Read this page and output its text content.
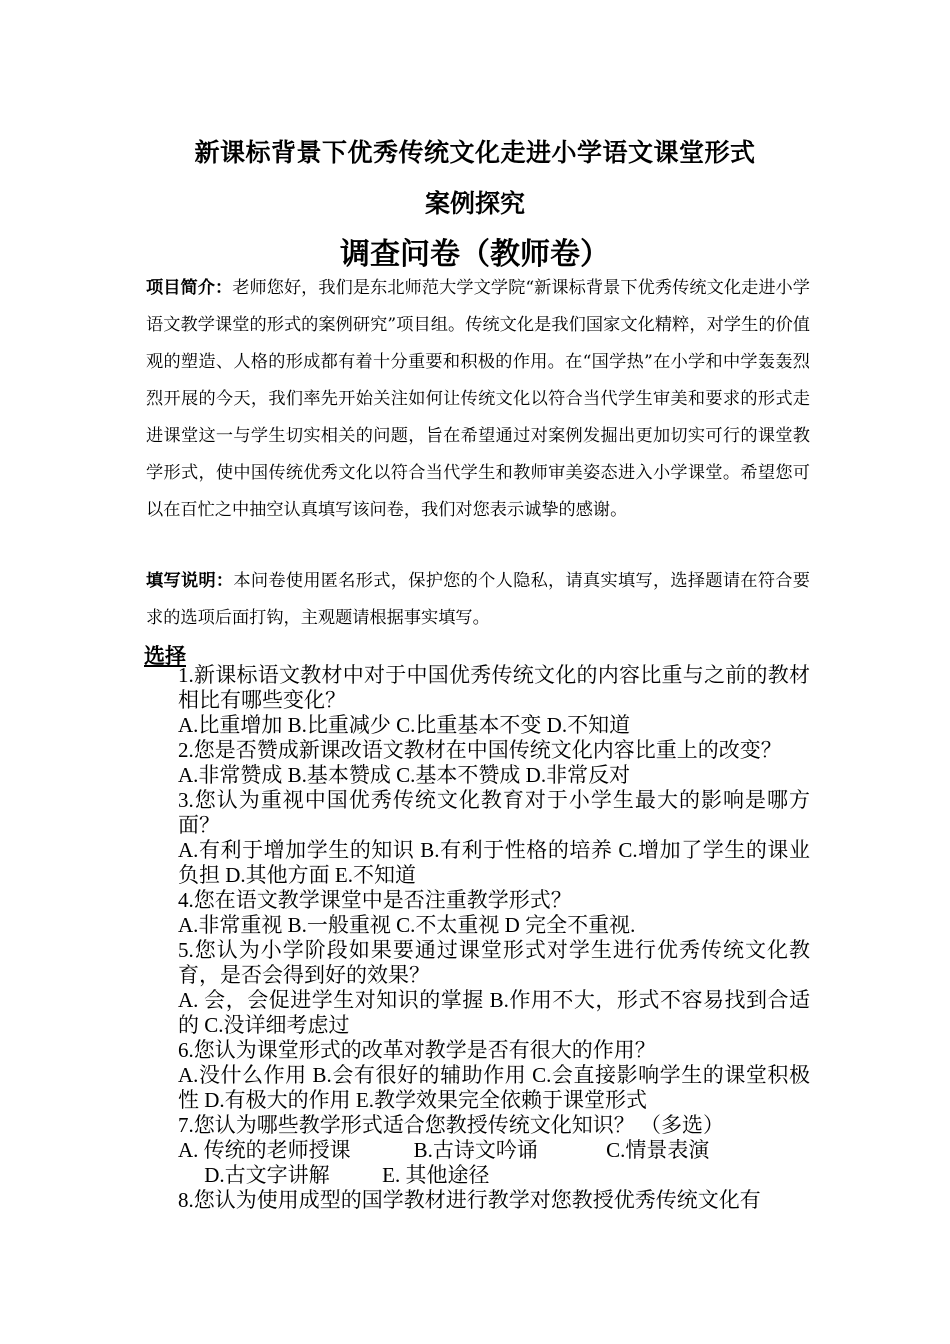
新课标背景下优秀传统文化走进小学语文课堂形式
案例探究
调查问卷（教师卷）
项目简介：老师您好，我们是东北师范大学文学院“新课标背景下优秀传统文化走进小学语文教学课堂的形式的案例研究”项目组。传统文化是我们国家文化精粹，对学生的价值观的塑造、人格的形成都有着十分重要和积极的作用。在“国学热”在小学和中学轰轰烈烈开展的今天，我们率先开始关注如何让传统文化以符合当代学生审美和要求的形式走进课堂这一与学生切实相关的问题，旨在希望通过对案例发掘出更加切实可行的课堂教学形式，使中国传统优秀文化以符合当代学生和教师审美姿态进入小学课堂。希望您可以在百忙之中抽空认真填写该问卷，我们对您表示诚挚的感谢。
填写说明：本问卷使用匿名形式，保护您的个人隐私，请真实填写，选择题请在符合要求的选项后面打钩，主观题请根据事实填写。
选择
1.新课标语文教材中对于中国优秀传统文化的内容比重与之前的教材相比有哪些变化？
A.比重增加 B.比重减少 C.比重基本不变 D.不知道
2.您是否赞成新课改语文教材在中国传统文化内容比重上的改变？
A.非常赞成 B.基本赞成 C.基本不赞成 D.非常反对
3.您认为重视中国优秀传统文化教育对于小学生最大的影响是哪方面？
A.有利于增加学生的知识 B.有利于性格的培养 C.增加了学生的课业负担 D.其他方面 E.不知道
4.您在语文教学课堂中是否注重教学形式？
A.非常重视 B.一般重视 C.不太重视 D 完全不重视.
5.您认为小学阶段如果要通过课堂形式对学生进行优秀传统文化教育，是否会得到好的效果？
A. 会，会促进学生对知识的掌握 B.作用不大，形式不容易找到合适的 C.没详细考虑过
6.您认为课堂形式的改革对教学是否有很大的作用？
A.没什么作用 B.会有很好的辅助作用 C.会直接影响学生的课堂积极性 D.有极大的作用 E.教学效果完全依赖于课堂形式
7.您认为哪些教学形式适合您教授传统文化知识？ （多选）
A. 传统的老师授课            B.古诗文吟诵             C.情景表演
D.古文字讲解          E. 其他途径
8.您认为使用成型的国学教材进行教学对您教授优秀传统文化有
